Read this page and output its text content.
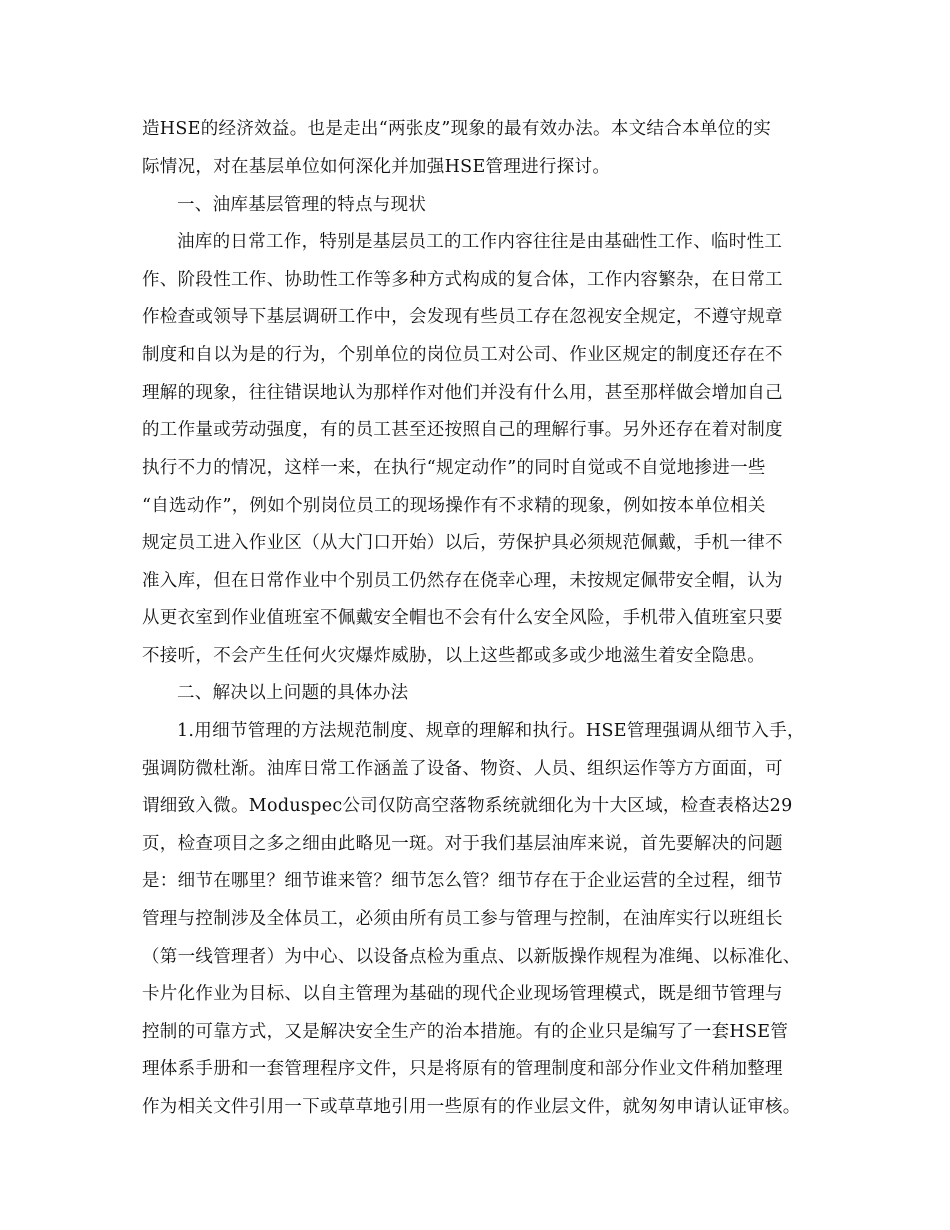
造HSE的经济效益。也是走出“两张皮”现象的最有效办法。本文结合本单位的实
际情况，对在基层单位如何深化并加强HSE管理进行探讨。
一、油库基层管理的特点与现状
油库的日常工作，特别是基层员工的工作内容往往是由基础性工作、临时性工
作、阶段性工作、协助性工作等多种方式构成的复合体，工作内容繁杂，在日常工
作检查或领导下基层调研工作中，会发现有些员工存在忽视安全规定，不遵守规章
制度和自以为是的行为，个别单位的岗位员工对公司、作业区规定的制度还存在不
理解的现象，往往错误地认为那样作对他们并没有什么用，甚至那样做会增加自己
的工作量或劳动强度，有的员工甚至还按照自己的理解行事。另外还存在着对制度
执行不力的情况，这样一来，在执行“规定动作”的同时自觉或不自觉地掺进一些
“自选动作”，例如个别岗位员工的现场操作有不求精的现象，例如按本单位相关
规定员工进入作业区（从大门口开始）以后，劳保护具必须规范佩戴，手机一律不
准入库，但在日常作业中个别员工仍然存在侥幸心理，未按规定佩带安全帽，认为
从更衣室到作业值班室不佩戴安全帽也不会有什么安全风险，手机带入值班室只要
不接听，不会产生任何火灾爆炸威胁，以上这些都或多或少地滋生着安全隐患。
二、解决以上问题的具体办法
1.用细节管理的方法规范制度、规章的理解和执行。HSE管理强调从细节入手，
强调防微杜渐。油库日常工作涵盖了设备、物资、人员、组织运作等方方面面，可
谓细致入微。Moduspec公司仅防高空落物系统就细化为十大区域，检查表格达29
页，检查项目之多之细由此略见一斑。对于我们基层油库来说，首先要解决的问题
是：细节在哪里？细节谁来管？细节怎么管？细节存在于企业运营的全过程，细节
管理与控制涉及全体员工，必须由所有员工参与管理与控制，在油库实行以班组长
（第一线管理者）为中心、以设备点检为重点、以新版操作规程为准绳、以标准化、
卡片化作业为目标、以自主管理为基础的现代企业现场管理模式，既是细节管理与
控制的可靠方式，又是解决安全生产的治本措施。有的企业只是编写了一套HSE管
理体系手册和一套管理程序文件，只是将原有的管理制度和部分作业文件稍加整理
作为相关文件引用一下或草草地引用一些原有的作业层文件，就匆匆申请认证审核。
